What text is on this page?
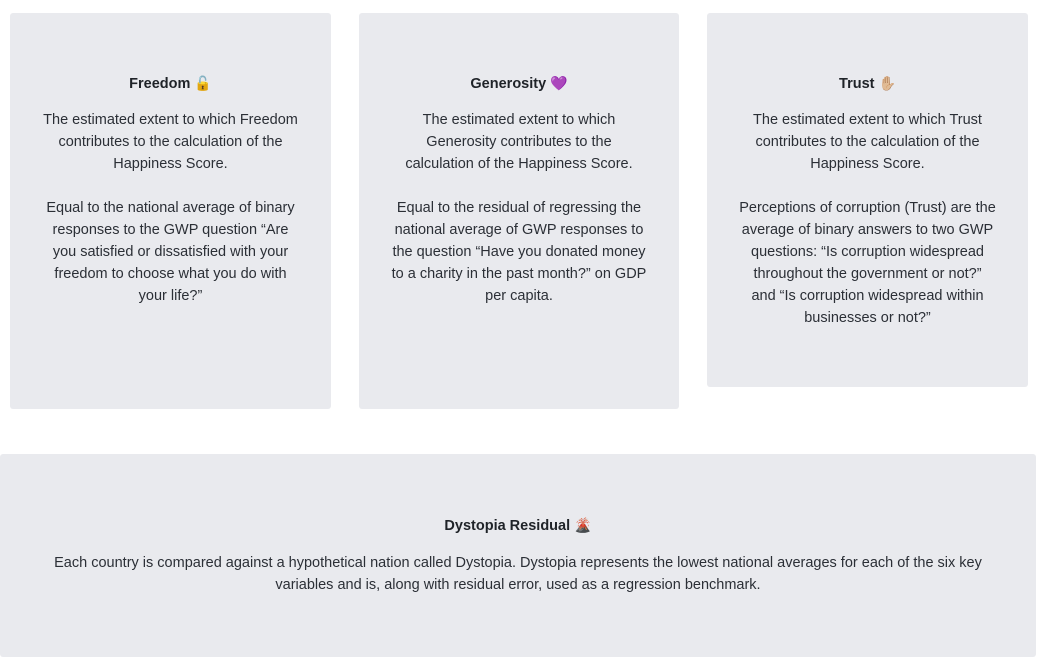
Freedom 🔓
The estimated extent to which Freedom
contributes to the calculation of the
Happiness Score.
Equal to the national average of binary
responses to the GWP question “Are
you satisfied or dissatisfied with your
freedom to choose what you do with
your life?”
Generosity 💜
The estimated extent to which
Generosity contributes to the
calculation of the Happiness Score.
Equal to the residual of regressing the
national average of GWP responses to
the question “Have you donated money
to a charity in the past month?” on GDP
per capita.
Trust ✋🏼
The estimated extent to which Trust
contributes to the calculation of the
Happiness Score.
Perceptions of corruption (Trust) are the
average of binary answers to two GWP
questions: “Is corruption widespread
throughout the government or not?”
and “Is corruption widespread within
businesses or not?”
Dystopia Residual 🌋
Each country is compared against a hypothetical nation called Dystopia. Dystopia represents the lowest national averages for each of the six key
variables and is, along with residual error, used as a regression benchmark.
